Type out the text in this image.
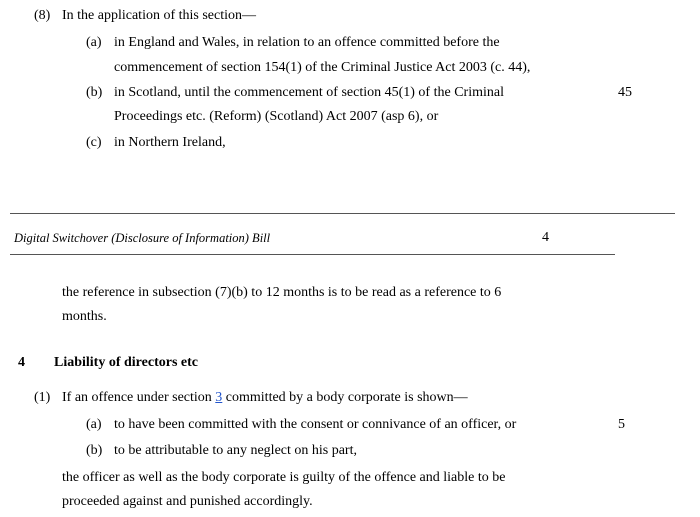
(8) In the application of this section—
(a) in England and Wales, in relation to an offence committed before the
commencement of section 154(1) of the Criminal Justice Act 2003 (c. 44),
(b) in Scotland, until the commencement of section 45(1) of the Criminal	45
Proceedings etc. (Reform) (Scotland) Act 2007 (asp 6), or
(c) in Northern Ireland,
Digital Switchover (Disclosure of Information) Bill	4
the reference in subsection (7)(b) to 12 months is to be read as a reference to 6
months.
4 Liability of directors etc
(1) If an offence under section 3 committed by a body corporate is shown—
(a) to have been committed with the consent or connivance of an officer, or	5
(b) to be attributable to any neglect on his part,
the officer as well as the body corporate is guilty of the offence and liable to be
proceeded against and punished accordingly.
